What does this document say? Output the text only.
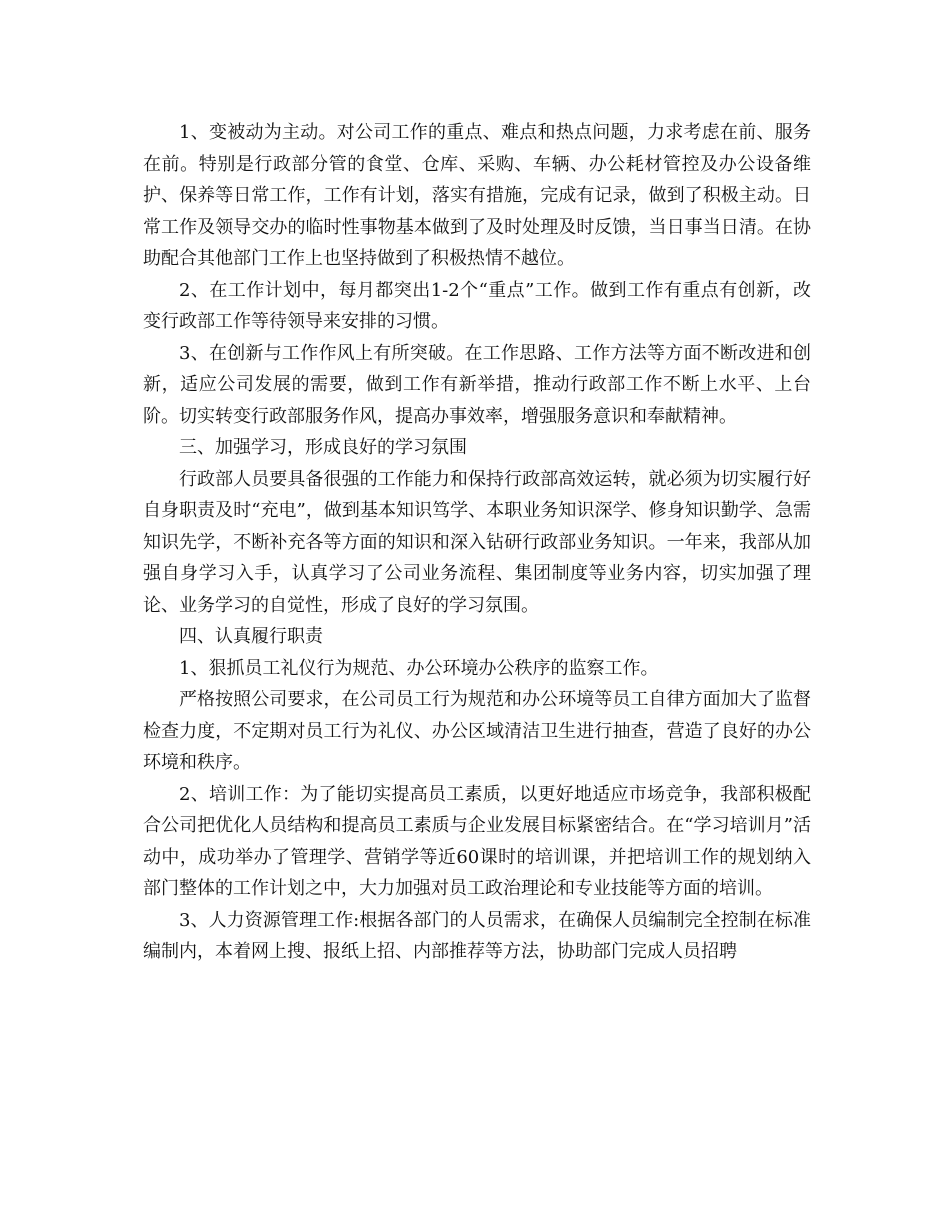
1、变被动为主动。对公司工作的重点、难点和热点问题，力求考虑在前、服务在前。特别是行政部分管的食堂、仓库、采购、车辆、办公耗材管控及办公设备维护、保养等日常工作，工作有计划，落实有措施，完成有记录，做到了积极主动。日常工作及领导交办的临时性事物基本做到了及时处理及时反馈，当日事当日清。在协助配合其他部门工作上也坚持做到了积极热情不越位。

2、在工作计划中，每月都突出1-2个“重点”工作。做到工作有重点有创新，改变行政部工作等待领导来安排的习惯。

3、在创新与工作作风上有所突破。在工作思路、工作方法等方面不断改进和创新，适应公司发展的需要，做到工作有新举措，推动行政部工作不断上水平、上台阶。切实转变行政部服务作风，提高办事效率，增强服务意识和奉献精神。

三、加强学习，形成良好的学习氛围

行政部人员要具备很强的工作能力和保持行政部高效运转，就必须为切实履行好自身职责及时“充电”，做到基本知识笃学、本职业务知识深学、修身知识勤学、急需知识先学，不断补充各等方面的知识和深入钻研行政部业务知识。一年来，我部从加强自身学习入手，认真学习了公司业务流程、集团制度等业务内容，切实加强了理论、业务学习的自觉性，形成了良好的学习氛围。

四、认真履行职责

1、狠抓员工礼仪行为规范、办公环境办公秩序的监察工作。

严格按照公司要求，在公司员工行为规范和办公环境等员工自律方面加大了监督检查力度，不定期对员工行为礼仪、办公区域清洁卫生进行抽查，营造了良好的办公环境和秩序。

2、培训工作：为了能切实提高员工素质，以更好地适应市场竞争，我部积极配合公司把优化人员结构和提高员工素质与企业发展目标紧密结合。在“学习培训月”活动中，成功举办了管理学、营销学等近60课时的培训课，并把培训工作的规划纳入部门整体的工作计划之中，大力加强对员工政治理论和专业技能等方面的培训。

3、人力资源管理工作:根据各部门的人员需求，在确保人员编制完全控制在标准编制内，本着网上搜、报纸上招、内部推荐等方法，协助部门完成人员招聘
